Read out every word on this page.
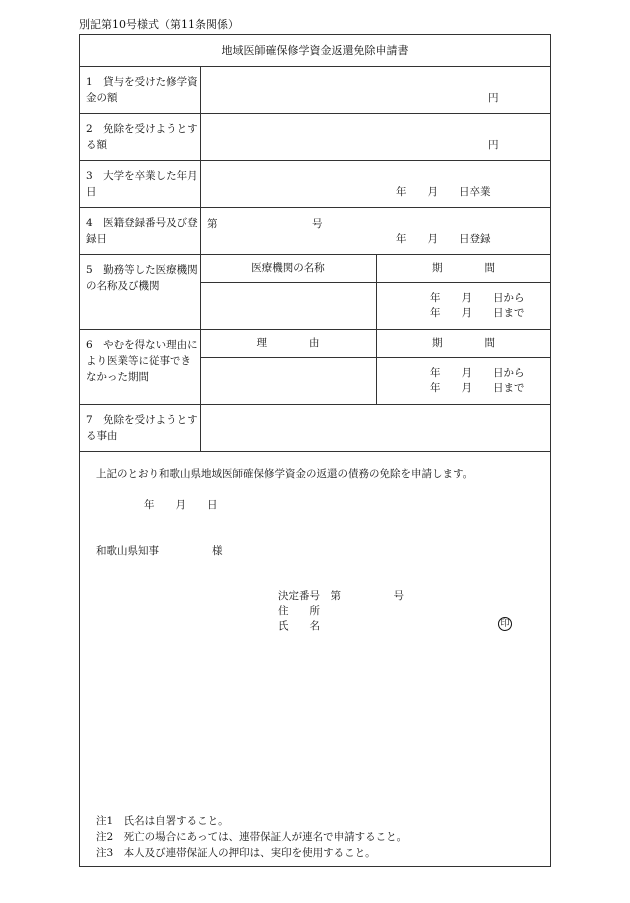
別記第10号様式（第11条関係）
地域医師確保修学資金返還免除申請書
1　貸与を受けた修学資金の額	円
2　免除を受けようとする額	円
3　大学を卒業した年月日	年　　月　　日卒業
4　医籍登録番号及び登録日
第	号
年　　月　　日登録
5　勤務等した医療機関の名称及び機関
医療機関の名称	期　　　　間
年　　月　　日から
年　　月　　日まで
6　やむを得ない理由により医業等に従事できなかった期間
理　　　　由	期　　　　間
年　　月　　日から
年　　月　　日まで
7　免除を受けようとする事由
上記のとおり和歌山県地域医師確保修学資金の返還の債務の免除を申請します。
年　　月　　日
和歌山県知事	様
決定番号　第　　　　　号
住　　所
氏　　名	印
注1　氏名は自署すること。
注2　死亡の場合にあっては、連帯保証人が連名で申請すること。
注3　本人及び連帯保証人の押印は、実印を使用すること。
